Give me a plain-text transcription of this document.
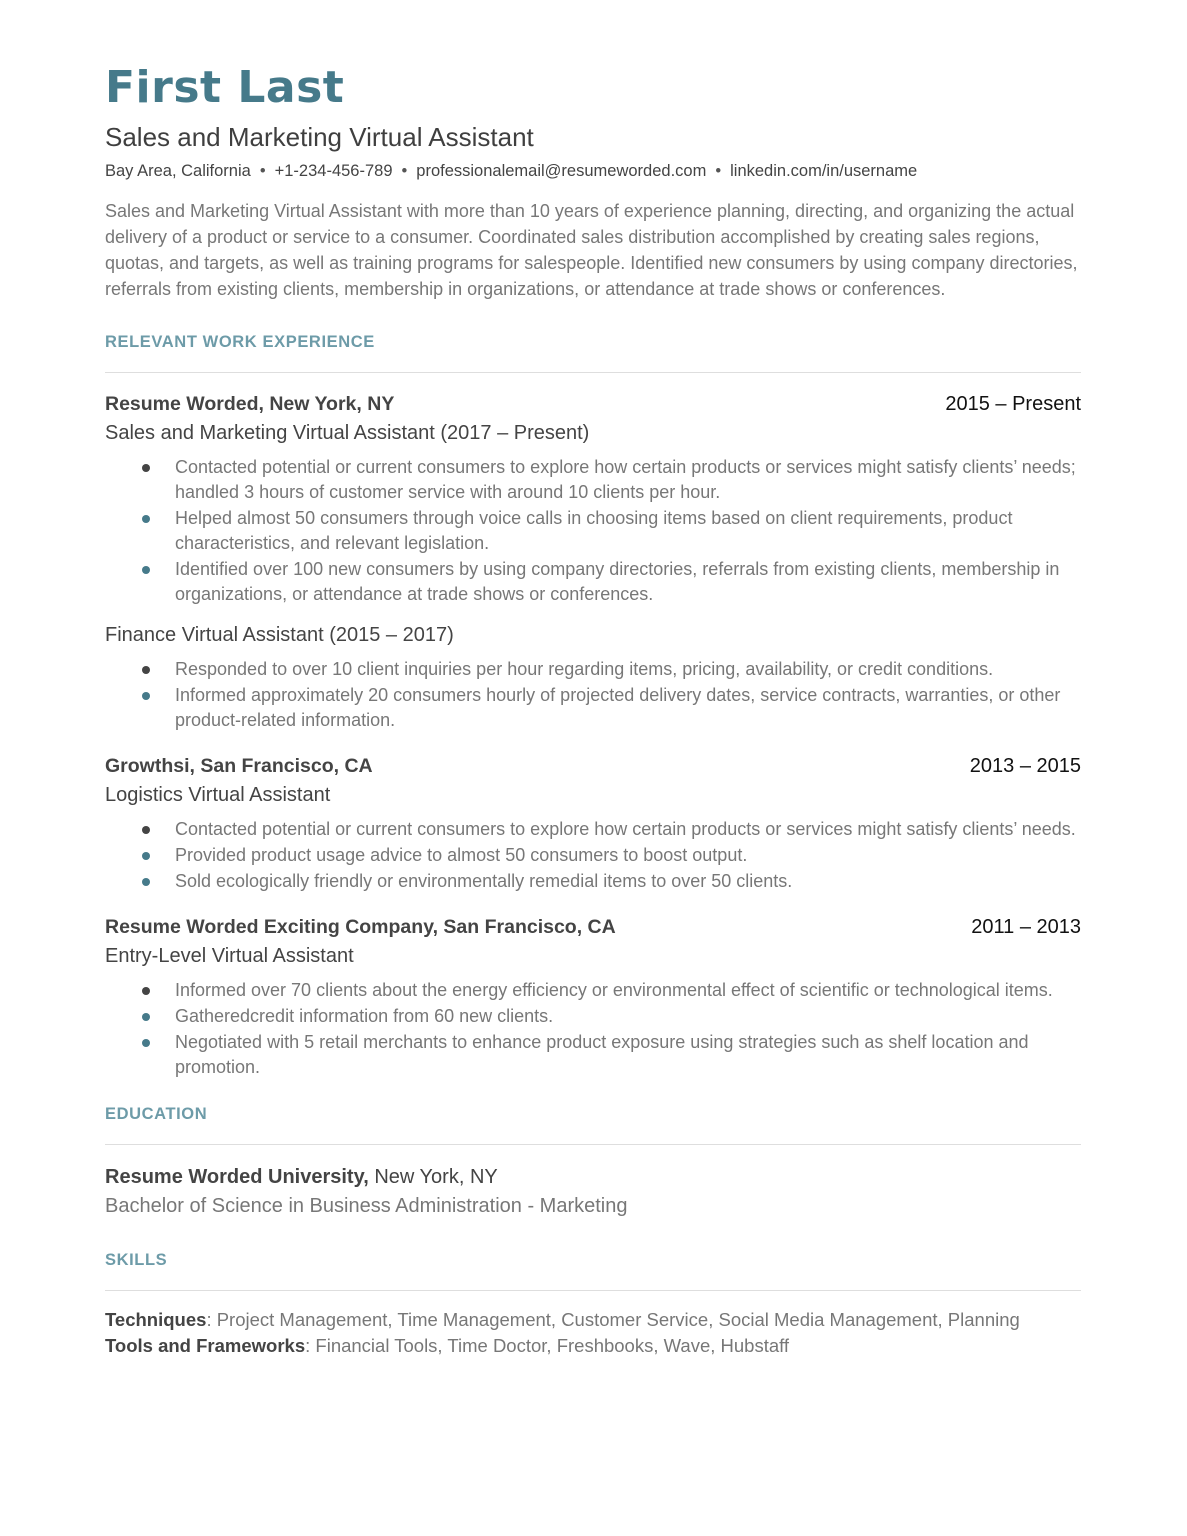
First Last
Sales and Marketing Virtual Assistant
Bay Area, California • +1-234-456-789 • professionalemail@resumeworded.com • linkedin.com/in/username
Sales and Marketing Virtual Assistant with more than 10 years of experience planning, directing, and organizing the actual delivery of a product or service to a consumer. Coordinated sales distribution accomplished by creating sales regions, quotas, and targets, as well as training programs for salespeople. Identified new consumers by using company directories, referrals from existing clients, membership in organizations, or attendance at trade shows or conferences.
RELEVANT WORK EXPERIENCE
Resume Worded, New York, NY	2015 – Present
Sales and Marketing Virtual Assistant (2017 – Present)
Contacted potential or current consumers to explore how certain products or services might satisfy clients’ needs; handled 3 hours of customer service with around 10 clients per hour.
Helped almost 50 consumers through voice calls in choosing items based on client requirements, product characteristics, and relevant legislation.
Identified over 100 new consumers by using company directories, referrals from existing clients, membership in organizations, or attendance at trade shows or conferences.
Finance Virtual Assistant (2015 – 2017)
Responded to over 10 client inquiries per hour regarding items, pricing, availability, or credit conditions.
Informed approximately 20 consumers hourly of projected delivery dates, service contracts, warranties, or other product-related information.
Growthsi, San Francisco, CA	2013 – 2015
Logistics Virtual Assistant
Contacted potential or current consumers to explore how certain products or services might satisfy clients’ needs.
Provided product usage advice to almost 50 consumers to boost output.
Sold ecologically friendly or environmentally remedial items to over 50 clients.
Resume Worded Exciting Company, San Francisco, CA	2011 – 2013
Entry-Level Virtual Assistant
Informed over 70 clients about the energy efficiency or environmental effect of scientific or technological items.
Gatheredcredit information from 60 new clients.
Negotiated with 5 retail merchants to enhance product exposure using strategies such as shelf location and promotion.
EDUCATION
Resume Worded University, New York, NY
Bachelor of Science in Business Administration - Marketing
SKILLS
Techniques: Project Management, Time Management, Customer Service, Social Media Management, Planning
Tools and Frameworks: Financial Tools, Time Doctor, Freshbooks, Wave, Hubstaff
